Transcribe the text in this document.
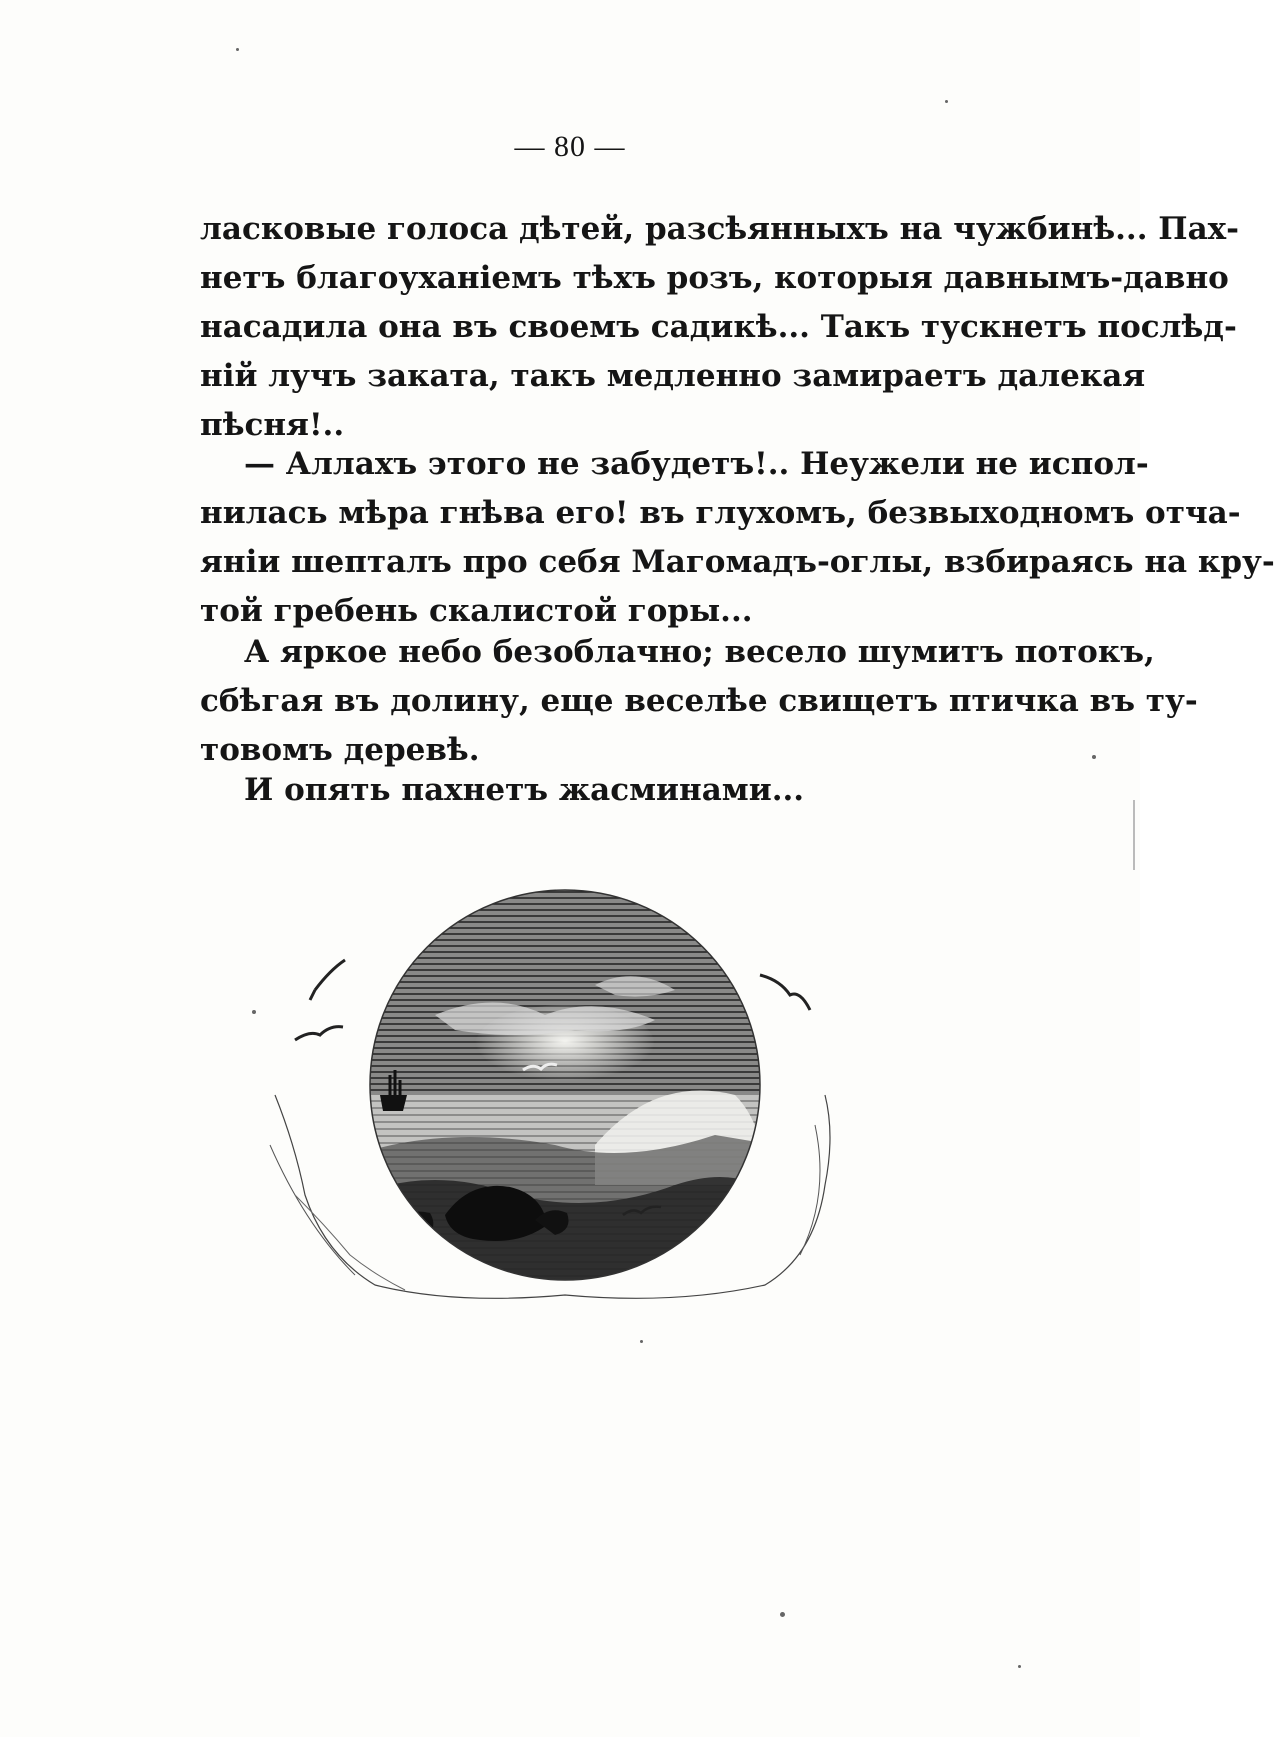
— 80 —
ласковые голоса дѣтей, разсѣянныхъ на чужбинѣ... Пах-
нетъ благоуханіемъ тѣхъ розъ, которыя давнымъ-давно
насадила она въ своемъ садикѣ... Такъ тускнетъ послѣд-
ній лучъ заката, такъ медленно замираетъ далекая
пѣсня!..
— Аллахъ этого не забудетъ!.. Неужели не испол-
нилась мѣра гнѣва его! въ глухомъ, безвыходномъ отча-
яніи шепталъ про себя Магомадъ-оглы, взбираясь на кру-
той гребень скалистой горы...
А яркое небо безоблачно; весело шумитъ потокъ,
сбѣгая въ долину, еще веселѣе свищетъ птичка въ ту-
товомъ деревѣ.
И опять пахнетъ жасминами...
